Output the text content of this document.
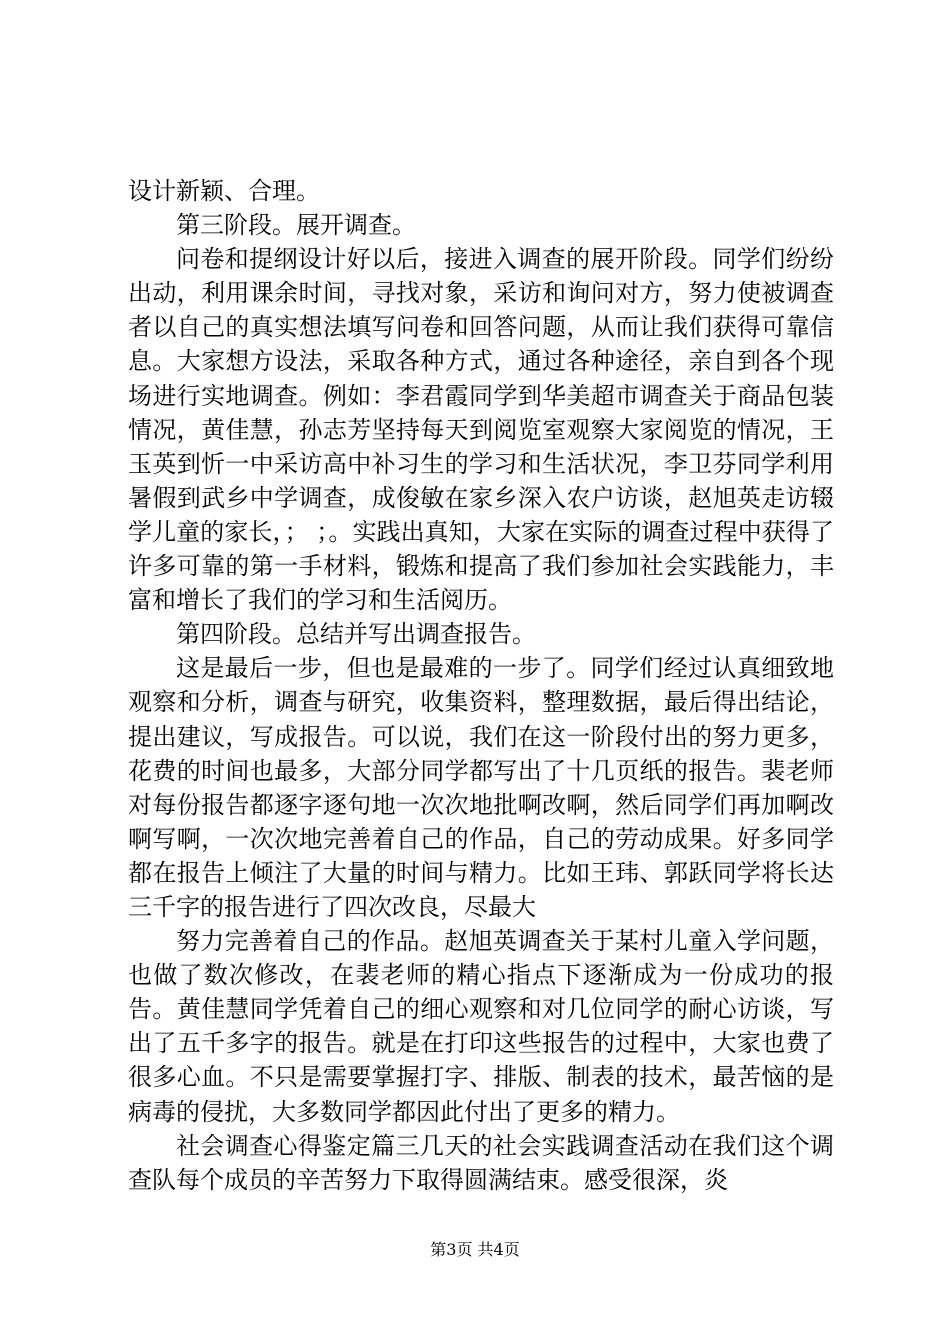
设计新颖、合理。

第三阶段。展开调查。

问卷和提纲设计好以后，接进入调查的展开阶段。同学们纷纷出动，利用课余时间，寻找对象，采访和询问对方，努力使被调查者以自己的真实想法填写问卷和回答问题，从而让我们获得可靠信息。大家想方设法，采取各种方式，通过各种途径，亲自到各个现场进行实地调查。例如：李君霞同学到华美超市调查关于商品包装情况，黄佳慧，孙志芳坚持每天到阅览室观察大家阅览的情况，王玉英到忻一中采访高中补习生的学习和生活状况，李卫芬同学利用暑假到武乡中学调查，成俊敏在家乡深入农户访谈，赵旭英走访辍学儿童的家长，； ；。实践出真知，大家在实际的调查过程中获得了许多可靠的第一手材料，锻炼和提高了我们参加社会实践能力，丰富和增长了我们的学习和生活阅历。

第四阶段。总结并写出调查报告。

这是最后一步，但也是最难的一步了。同学们经过认真细致地观察和分析，调查与研究，收集资料，整理数据，最后得出结论，提出建议，写成报告。可以说，我们在这一阶段付出的努力更多，花费的时间也最多，大部分同学都写出了十几页纸的报告。裴老师对每份报告都逐字逐句地一次次地批啊改啊，然后同学们再加啊改啊写啊，一次次地完善着自己的作品，自己的劳动成果。好多同学都在报告上倾注了大量的时间与精力。比如王玮、郭跃同学将长达三千字的报告进行了四次改良，尽最大

努力完善着自己的作品。赵旭英调查关于某村儿童入学问题，也做了数次修改，在裴老师的精心指点下逐渐成为一份成功的报告。黄佳慧同学凭着自己的细心观察和对几位同学的耐心访谈，写出了五千多字的报告。就是在打印这些报告的过程中，大家也费了很多心血。不只是需要掌握打字、排版、制表的技术，最苦恼的是病毒的侵扰，大多数同学都因此付出了更多的精力。

社会调查心得鉴定篇三几天的社会实践调查活动在我们这个调查队每个成员的辛苦努力下取得圆满结束。感受很深，炎

第3页 共4页
